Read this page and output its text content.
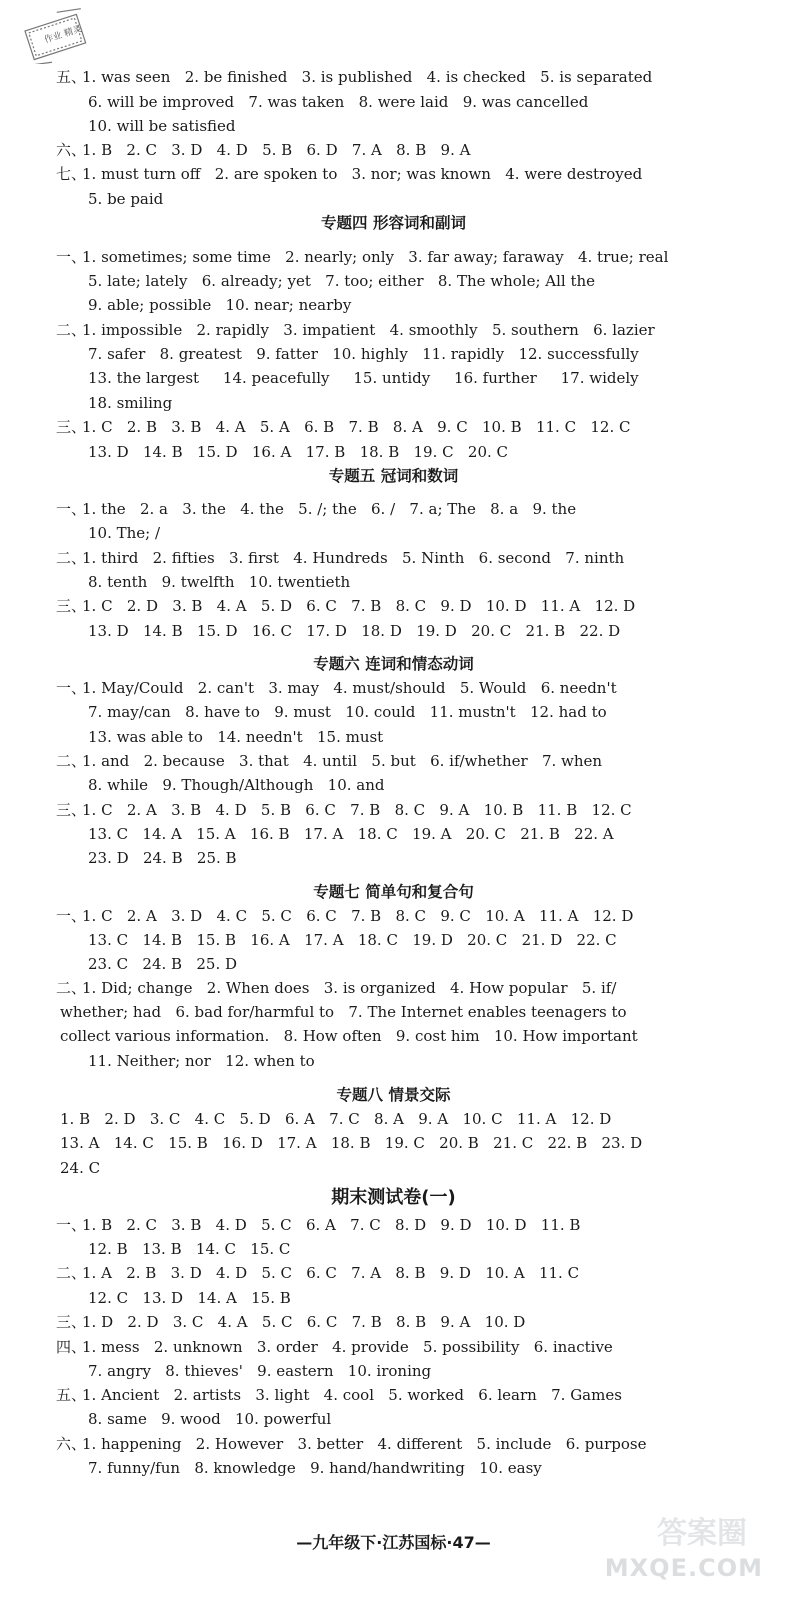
作业 精灵
五、1. was seen   2. be finished   3. is published   4. is checked   5. is separated
6. will be improved   7. was taken   8. were laid   9. was cancelled
10. will be satisfied
六、1. B   2. C   3. D   4. D   5. B   6. D   7. A   8. B   9. A
七、1. must turn off   2. are spoken to   3. nor; was known   4. were destroyed
5. be paid
专题四 形容词和副词
一、1. sometimes; some time   2. nearly; only   3. far away; faraway   4. true; real
5. late; lately   6. already; yet   7. too; either   8. The whole; All the
9. able; possible   10. near; nearby
二、1. impossible   2. rapidly   3. impatient   4. smoothly   5. southern   6. lazier
7. safer   8. greatest   9. fatter   10. highly   11. rapidly   12. successfully
13. the largest     14. peacefully     15. untidy     16. further     17. widely
18. smiling
三、1. C   2. B   3. B   4. A   5. A   6. B   7. B   8. A   9. C   10. B   11. C   12. C
13. D   14. B   15. D   16. A   17. B   18. B   19. C   20. C
专题五 冠词和数词
一、1. the   2. a   3. the   4. the   5. /; the   6. /   7. a; The   8. a   9. the
10. The; /
二、1. third   2. fifties   3. first   4. Hundreds   5. Ninth   6. second   7. ninth
8. tenth   9. twelfth   10. twentieth
三、1. C   2. D   3. B   4. A   5. D   6. C   7. B   8. C   9. D   10. D   11. A   12. D
13. D   14. B   15. D   16. C   17. D   18. D   19. D   20. C   21. B   22. D
专题六 连词和情态动词
一、1. May/Could   2. can't   3. may   4. must/should   5. Would   6. needn't
7. may/can   8. have to   9. must   10. could   11. mustn't   12. had to
13. was able to   14. needn't   15. must
二、1. and   2. because   3. that   4. until   5. but   6. if/whether   7. when
8. while   9. Though/Although   10. and
三、1. C   2. A   3. B   4. D   5. B   6. C   7. B   8. C   9. A   10. B   11. B   12. C
13. C   14. A   15. A   16. B   17. A   18. C   19. A   20. C   21. B   22. A
23. D   24. B   25. B
专题七 简单句和复合句
一、1. C   2. A   3. D   4. C   5. C   6. C   7. B   8. C   9. C   10. A   11. A   12. D
13. C   14. B   15. B   16. A   17. A   18. C   19. D   20. C   21. D   22. C
23. C   24. B   25. D
二、1. Did; change   2. When does   3. is organized   4. How popular   5. if/
whether; had   6. bad for/harmful to   7. The Internet enables teenagers to
collect various information.   8. How often   9. cost him   10. How important
11. Neither; nor   12. when to
专题八 情景交际
1. B   2. D   3. C   4. C   5. D   6. A   7. C   8. A   9. A   10. C   11. A   12. D
13. A   14. C   15. B   16. D   17. A   18. B   19. C   20. B   21. C   22. B   23. D
24. C
期末测试卷(一)
一、1. B   2. C   3. B   4. D   5. C   6. A   7. C   8. D   9. D   10. D   11. B
12. B   13. B   14. C   15. C
二、1. A   2. B   3. D   4. D   5. C   6. C   7. A   8. B   9. D   10. A   11. C
12. C   13. D   14. A   15. B
三、1. D   2. D   3. C   4. A   5. C   6. C   7. B   8. B   9. A   10. D
四、1. mess   2. unknown   3. order   4. provide   5. possibility   6. inactive
7. angry   8. thieves'   9. eastern   10. ironing
五、1. Ancient   2. artists   3. light   4. cool   5. worked   6. learn   7. Games
8. same   9. wood   10. powerful
六、1. happening   2. However   3. better   4. different   5. include   6. purpose
7. funny/fun   8. knowledge   9. hand/handwriting   10. easy
—九年级下·江苏国标·47—	答案圈
MXQE.COM
